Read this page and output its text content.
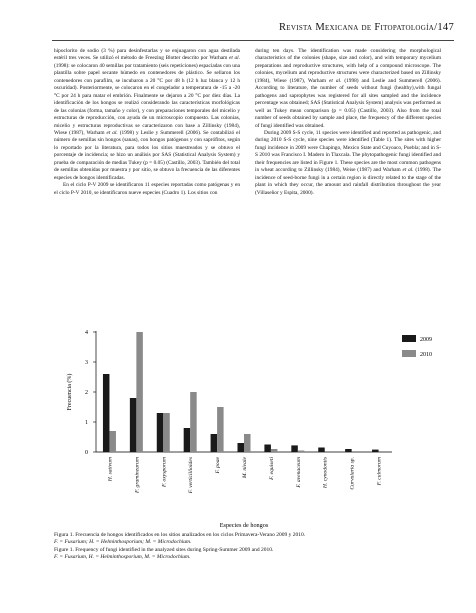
Revista Mexicana de Fitopatología/147

hipoclorito de sodio (3 %) para desinfestarlas y se enjuagaron con agua destilada estéril tres veces. Se utilizó el método de Freezing Blotter descrito por Warham et al. (1998): se colocaron 40 semillas por tratamiento (seis repeticiones) espaciadas con una plantilla sobre papel secante húmedo en contenedores de plástico. Se sellaron los contenedores con parafilm, se incubaron a 20 °C por 48 h (12 h luz blanca y 12 h oscuridad). Posteriormente, se colocaron en el congelador a temperatura de -15 a -20 °C por 24 h para matar el embrión. Finalmente se dejaron a 20 °C por diez días. La identificación de los hongos se realizó considerando las características morfológicas de las colonias (forma, tamaño y color), y con preparaciones temporales del micelio y estructuras de reproducción, con ayuda de un microscopio compuesto. Las colonias, micelio y estructuras reproductivas se caracterizaron con base a Zillinsky (1984), Wiese (1987), Warham et al. (1998) y Leslie y Summerell (2006). Se contabilizó el número de semillas sin hongos (sanas), con hongos patógenos y con saprófitos, según lo reportado por la literatura, para todos los sitios muestreados y se obtuvo el porcentaje de incidencia; se hizo un análisis por SAS (Statistical Analysis System) y prueba de comparación de medias Tukey (p = 0.05) (Castillo, 2003). También del total de semillas obtenidas por muestra y por sitio, se obtuvo la frecuencia de las diferentes especies de hongos identificadas.

En el ciclo P-V 2009 se identificaron 11 especies reportadas como patógenas y en el ciclo P-V 2010, se identificaron nueve especies (Cuadro 1). Los sitios con

during ten days. The identification was made considering the morphological characteristics of the colonies (shape, size and color), and with temporary mycelium preparations and reproductive structures, with help of a compound microscope. The colonies, mycelium and reproductive structures were characterized based on Zillinsky (1984), Wiese (1987), Warham et al. (1998) and Leslie and Summerell (2006). According to literature, the number of seeds without fungi (healthy),with fungal pathogens and saprophytes was registered for all sites sampled and the incidence percentage was obtained; SAS (Statistical Analysis System) analysis was performed as well as Tukey mean comparison (p = 0.05) (Castillo, 2003). Also from the total number of seeds obtained by sample and place, the frequency of the different species of fungi identified was obtained.

During 2009 S-S cycle, 11 species were identified and reported as pathogenic, and during 2010 S-S cycle, nine species were identified (Table 1). The sites with higher fungi incidence in 2009 were Chapingo, Mexico State and Cuyoaco, Puebla; and in S-S 2010 was Francisco I. Madero in Tlaxcala. The phytopathogenic fungi identified and their frequencies are listed in Figure 1. These species are the most common pathogens in wheat according to Zillinsky (1984), Weise (1987) and Warham et al. (1998). The incidence of seed-borne fungi in a certain region is directly related to the stage of the plant in which they occur, the amount and rainfall distribution throughout the year (Villaseñor y Espita, 2000).

0
1
2
3
4
Frecuencia (%)
H. sativum	F. graminearum	F. oxysporum	F. verticillioides	F. poae	M. nivale	F. equiseti	F. avenaceum	H. cynodontis	Curvularia sp.	F. culmorum
Especies de hongos
2009
2010

Figura 1. Frecuencia de hongos identificados en los sitios analizados en los ciclos Primavera-Verano 2009 y 2010.

F. = Fusarium; H. = Helminthosporium; M. = Microdochium.

Figure 1. Frequency of fungi identified in the analyzed sites during Spring-Summer 2009 and 2010.

F. = Fusarium, H. = Helminthosporium, M. = Microdochium.
